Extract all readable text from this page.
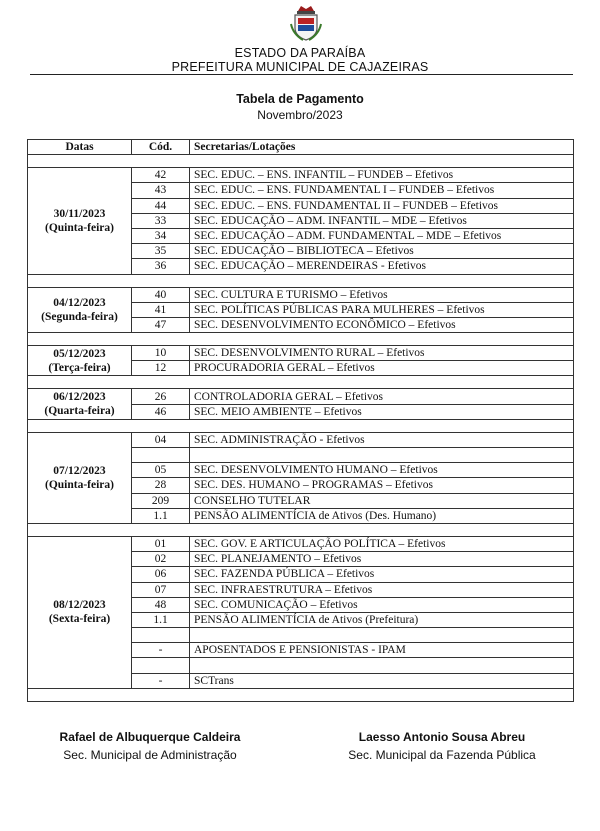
ESTADO DA PARAÍBA
PREFEITURA MUNICIPAL DE CAJAZEIRAS
Tabela de Pagamento
Novembro/2023
Datas	Cód.	Secretarias/Lotações

30/11/2023
(Quinta-feira)	42	SEC. EDUC. – ENS. INFANTIL – FUNDEB – Efetivos
	43	SEC. EDUC. – ENS. FUNDAMENTAL I – FUNDEB – Efetivos
	44	SEC. EDUC. – ENS. FUNDAMENTAL II – FUNDEB – Efetivos
	33	SEC. EDUCAÇÃO – ADM. INFANTIL – MDE – Efetivos
	34	SEC. EDUCAÇÃO – ADM. FUNDAMENTAL – MDE – Efetivos
	35	SEC. EDUCAÇÃO – BIBLIOTECA – Efetivos
	36	SEC. EDUCAÇÃO – MERENDEIRAS - Efetivos

04/12/2023
(Segunda-feira)	40	SEC. CULTURA E TURISMO – Efetivos
	41	SEC. POLÍTICAS PÚBLICAS PARA MULHERES – Efetivos
	47	SEC. DESENVOLVIMENTO ECONÔMICO – Efetivos

05/12/2023
(Terça-feira)	10	SEC. DESENVOLVIMENTO RURAL – Efetivos
	12	PROCURADORIA GERAL – Efetivos

06/12/2023
(Quarta-feira)	26	CONTROLADORIA GERAL – Efetivos
	46	SEC. MEIO AMBIENTE – Efetivos

07/12/2023
(Quinta-feira)	04	SEC. ADMINISTRAÇÃO - Efetivos

	05	SEC. DESENVOLVIMENTO HUMANO – Efetivos
	28	SEC. DES. HUMANO – PROGRAMAS – Efetivos
	209	CONSELHO TUTELAR
	1.1	PENSÃO ALIMENTÍCIA de Ativos (Des. Humano)

08/12/2023
(Sexta-feira)	01	SEC. GOV. E ARTICULAÇÃO POLÍTICA – Efetivos
	02	SEC. PLANEJAMENTO – Efetivos
	06	SEC. FAZENDA PÚBLICA – Efetivos
	07	SEC. INFRAESTRUTURA – Efetivos
	48	SEC. COMUNICAÇÃO – Efetivos
	1.1	PENSÃO ALIMENTÍCIA de Ativos (Prefeitura)

	-	APOSENTADOS E PENSIONISTAS - IPAM

	-	SCTrans

Rafael de Albuquerque Caldeira
Sec. Municipal de Administração
Laesso Antonio Sousa Abreu
Sec. Municipal da Fazenda Pública
